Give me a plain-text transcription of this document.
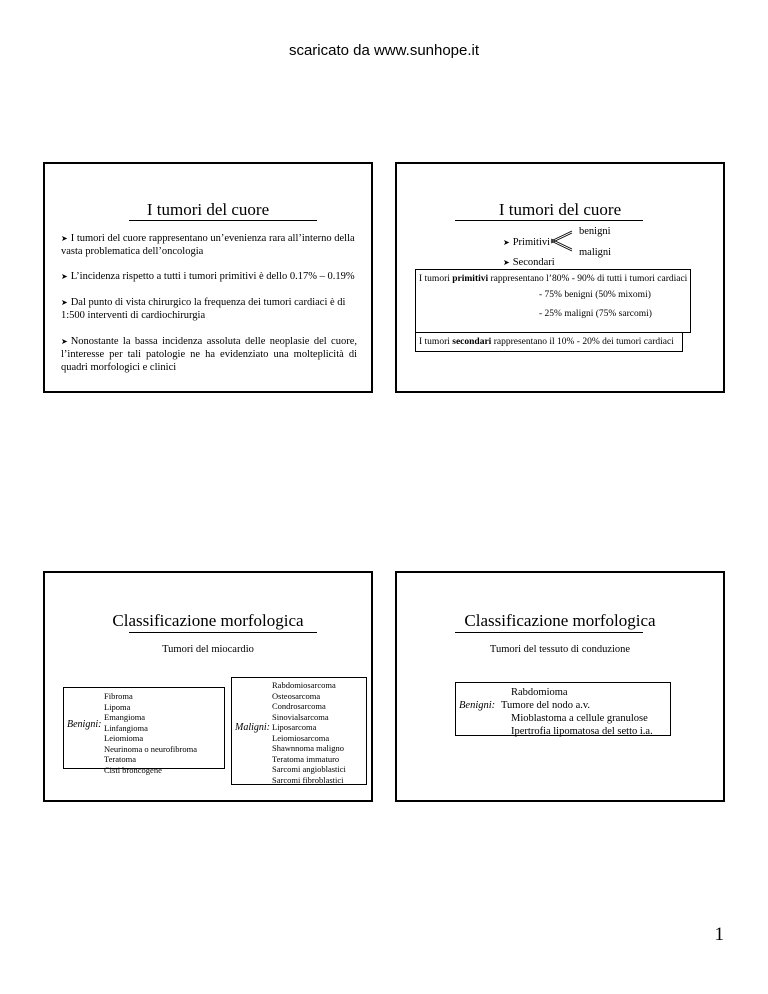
scaricato da www.sunhope.it
I tumori del cuore
➤ I tumori del cuore rappresentano un’evenienza rara all’interno della vasta problematica dell’oncologia
➤ L’incidenza rispetto a tutti i tumori primitivi è dello 0.17% – 0.19%
➤ Dal punto di vista chirurgico la frequenza dei tumori cardiaci è di 1:500 interventi di cardiochirurgia
➤ Nonostante la bassa incidenza assoluta delle neoplasie del cuore, l’interesse per tali patologie ne ha evidenziato una molteplicità di quadri morfologici e clinici
I tumori del cuore
➤ Primitivi
➤ Secondari
benigni
maligni
I tumori primitivi rappresentano l’80% - 90% di tutti i tumori cardiaci
- 75% benigni (50% mixomi)
- 25% maligni (75% sarcomi)
I tumori secondari rappresentano il 10% - 20% dei tumori cardiaci
Classificazione morfologica
Tumori del miocardio
Benigni:
Fibroma
Lipoma
Emangioma
Linfangioma
Leiomioma
Neurinoma o neurofibroma
Teratoma
Cisti broncogene
Maligni:
Rabdomiosarcoma
Osteosarcoma
Condrosarcoma
Sinovialsarcoma
Liposarcoma
Leiomiosarcoma
Shawnnoma maligno
Teratoma immaturo
Sarcomi angioblastici
Sarcomi fibroblastici
Classificazione morfologica
Tumori del tessuto di conduzione
Benigni:
Rabdomioma
Tumore del nodo a.v.
Mioblastoma a cellule granulose
Ipertrofia lipomatosa del setto i.a.
1
